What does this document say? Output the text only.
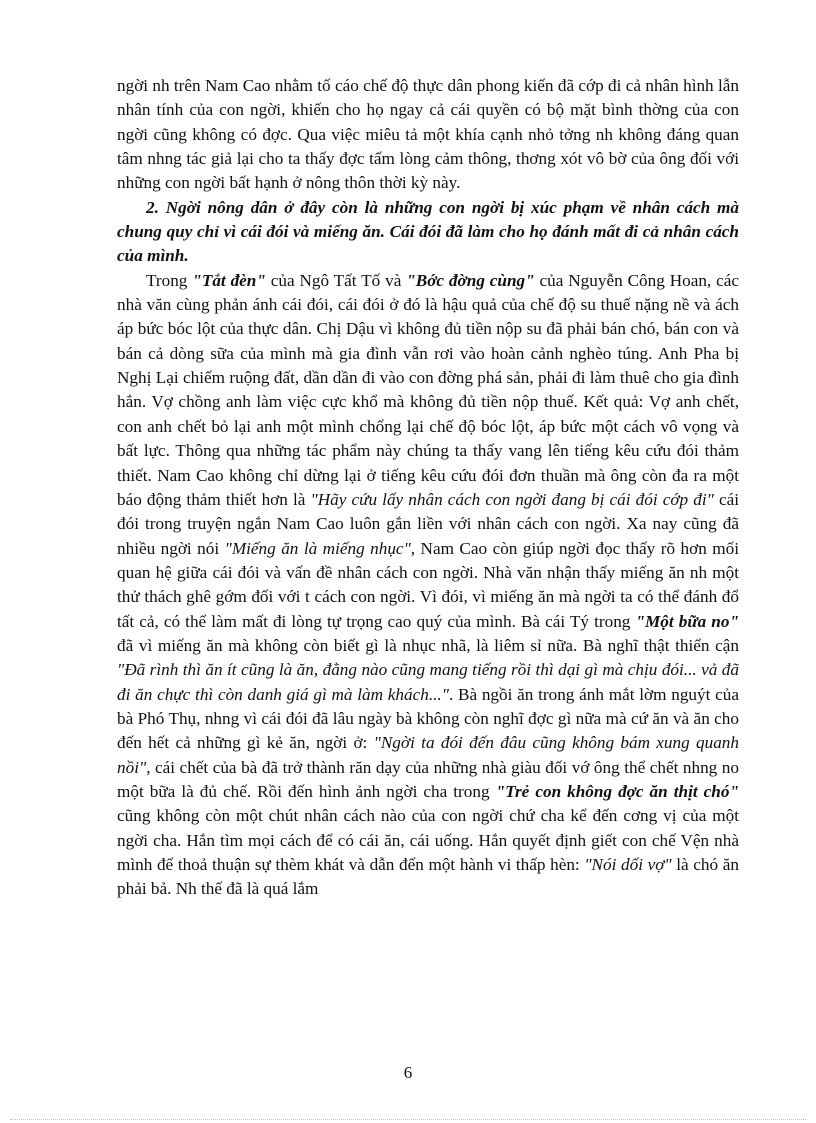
ngời nh trên Nam Cao nhằm tố cáo chế độ thực dân phong kiến đã cớp đi cả nhân hình lẫn nhân tính của con ngời, khiến cho họ ngay cả cái quyền có bộ mặt bình thờng của con ngời cũng không có đợc. Qua việc miêu tả một khía cạnh nhỏ tởng nh không đáng quan tâm nhng tác giả lại cho ta thấy đợc tấm lòng cảm thông, thơng xót vô bờ của ông đối với những con ngời bất hạnh ở nông thôn thời kỳ này.

2. Ngời nông dân ở đây còn là những con ngời bị xúc phạm về nhân cách mà chung quy chỉ vì cái đói và miếng ăn. Cái đói đã làm cho họ đánh mất đi cả nhân cách của mình.

Trong "Tắt đèn" của Ngô Tất Tố và "Bớc đờng cùng" của Nguyễn Công Hoan, các nhà văn cùng phản ánh cái đói, cái đói ở đó là hậu quả của chế độ su thuế nặng nề và ách áp bức bóc lột của thực dân. Chị Dậu vì không đủ tiền nộp su đã phải bán chó, bán con và bán cả dòng sữa của mình mà gia đình vẫn rơi vào hoàn cảnh nghèo túng. Anh Pha bị Nghị Lại chiếm ruộng đất, dần dần đi vào con đờng phá sản, phải đi làm thuê cho gia đình hắn. Vợ chồng anh làm việc cực khổ mà không đủ tiền nộp thuế. Kết quả: Vợ anh chết, con anh chết bỏ lại anh một mình chống lại chế độ bóc lột, áp bức một cách vô vọng và bất lực. Thông qua những tác phẩm này chúng ta thấy vang lên tiếng kêu cứu đói thảm thiết. Nam Cao không chỉ dừng lại ở tiếng kêu cứu đói đơn thuần mà ông còn đa ra một báo động thảm thiết hơn là "Hãy cứu lấy nhân cách con ngời đang bị cái đói cớp đi" cái đói trong truyện ngắn Nam Cao luôn gắn liền với nhân cách con ngời. Xa nay cũng đã nhiều ngời nói "Miếng ăn là miếng nhục", Nam Cao còn giúp ngời đọc thấy rõ hơn mối quan hệ giữa cái đói và vấn đề nhân cách con ngời. Nhà văn nhận thấy miếng ăn nh một thử thách ghê gớm đối với t cách con ngời. Vì đói, vì miếng ăn mà ngời ta có thể đánh đổ tất cả, có thể làm mất đi lòng tự trọng cao quý của mình. Bà cái Tý trong "Một bữa no" đã vì miếng ăn mà không còn biết gì là nhục nhã, là liêm sỉ nữa. Bà nghĩ thật thiển cận "Đã rình thì ăn ít cũng là ăn, đằng nào cũng mang tiếng rồi thì dại gì mà chịu đói... vả đã đi ăn chực thì còn danh giá gì mà làm khách...". Bà ngồi ăn trong ánh mắt lờm nguýt của bà Phó Thụ, nhng vì cái đói đã lâu ngày bà không còn nghĩ đợc gì nữa mà cứ ăn và ăn cho đến hết cả những gì kẻ ăn, ngời ở: "Ngời ta đói đến đâu cũng không bám xung quanh nồi", cái chết của bà đã trở thành răn dạy của những nhà giàu đối vớ ông thể chết nhng no một bữa là đủ chế. Rồi đến hình ảnh ngời cha trong "Trẻ con không đợc ăn thịt chó" cũng không còn một chút nhân cách nào của con ngời chứ cha kể đến cơng vị của một ngời cha. Hắn tìm mọi cách để có cái ăn, cái uống. Hắn quyết định giết con chế Vện nhà mình để thoả thuận sự thèm khát và dẫn đến một hành vi thấp hèn: "Nói dối vợ" là chó ăn phải bả. Nh thế đã là quá lắm

6
